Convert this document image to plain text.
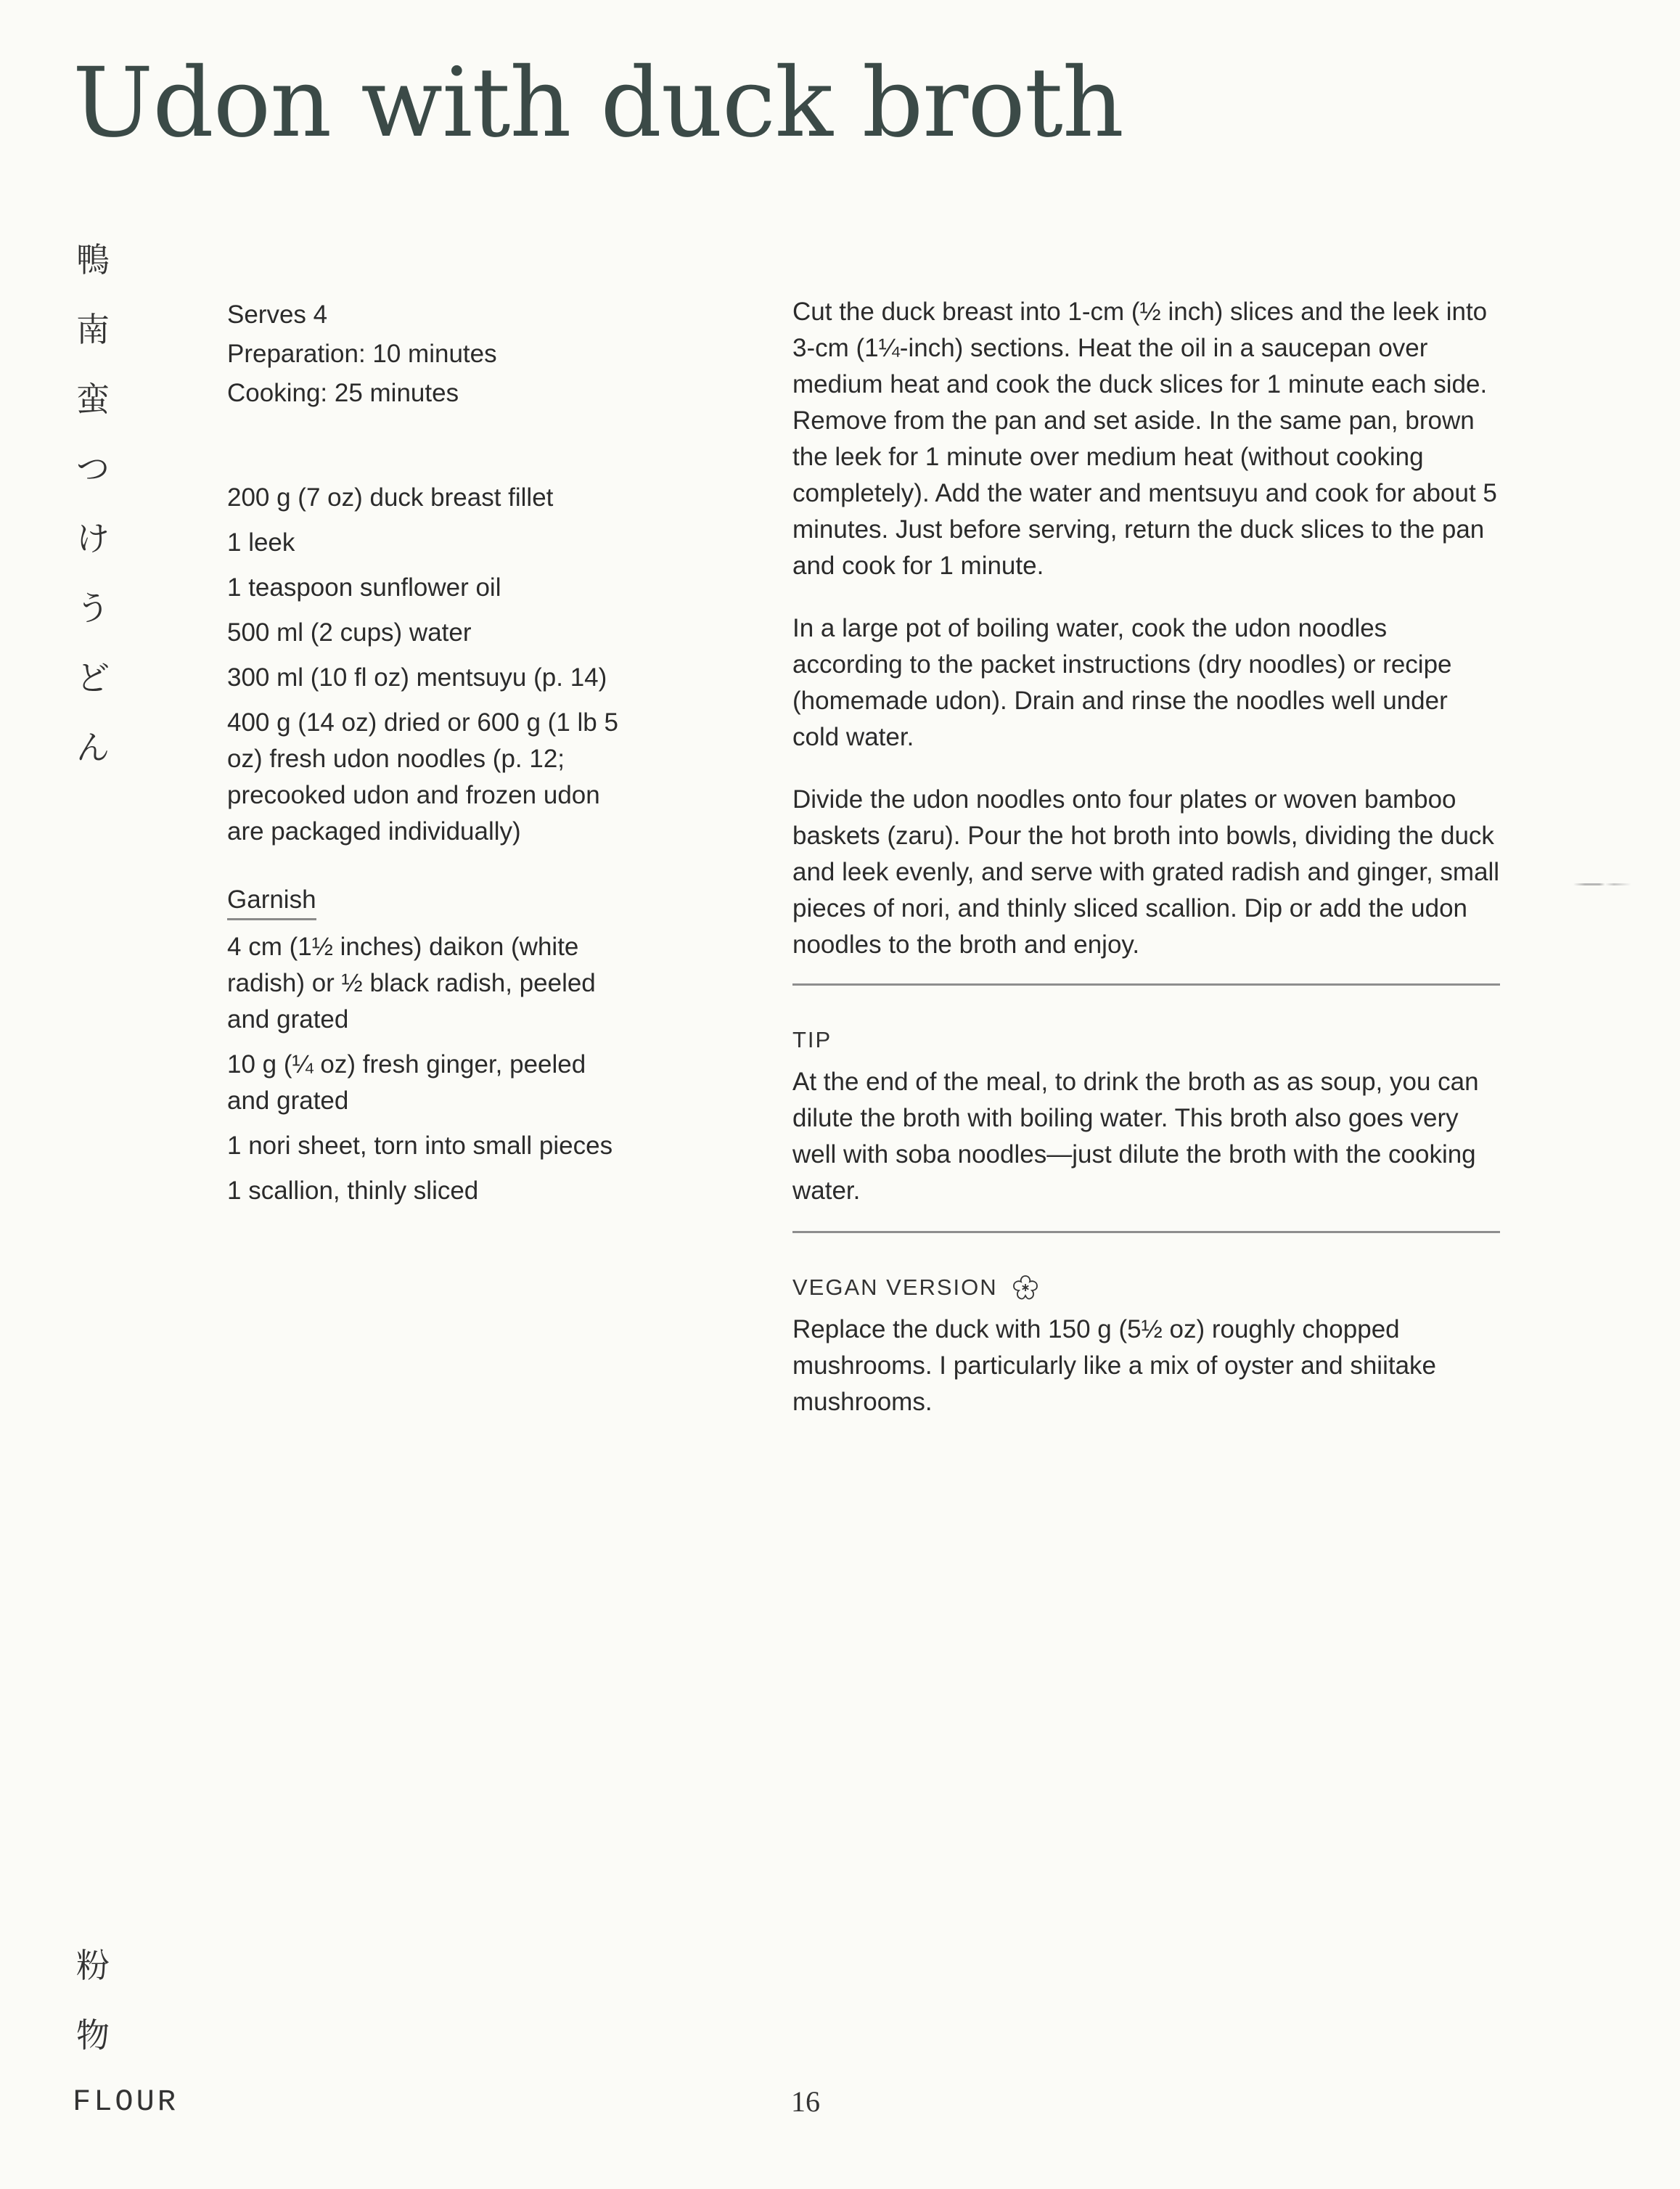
Udon with duck broth
鴨
南
蛮
つ
け
う
ど
ん
Serves 4
Preparation: 10 minutes
Cooking: 25 minutes
200 g (7 oz) duck breast fillet
1 leek
1 teaspoon sunflower oil
500 ml (2 cups) water
300 ml (10 fl oz) mentsuyu (p. 14)
400 g (14 oz) dried or 600 g (1 lb 5 oz) fresh udon noodles (p. 12; precooked udon and frozen udon are packaged individually)
Garnish
4 cm (1½ inches) daikon (white radish) or ½ black radish, peeled and grated
10 g (¼ oz) fresh ginger, peeled and grated
1 nori sheet, torn into small pieces
1 scallion, thinly sliced

Cut the duck breast into 1-cm (½ inch) slices and the leek into 3-cm (1¼-inch) sections. Heat the oil in a saucepan over medium heat and cook the duck slices for 1 minute each side. Remove from the pan and set aside. In the same pan, brown the leek for 1 minute over medium heat (without cooking completely). Add the water and mentsuyu and cook for about 5 minutes. Just before serving, return the duck slices to the pan and cook for 1 minute.

In a large pot of boiling water, cook the udon noodles according to the packet instructions (dry noodles) or recipe (homemade udon). Drain and rinse the noodles well under cold water.

Divide the udon noodles onto four plates or woven bamboo baskets (zaru). Pour the hot broth into bowls, dividing the duck and leek evenly, and serve with grated radish and ginger, small pieces of nori, and thinly sliced scallion. Dip or add the udon noodles to the broth and enjoy.

TIP

At the end of the meal, to drink the broth as as soup, you can dilute the broth with boiling water. This broth also goes very well with soba noodles—just dilute the broth with the cooking water.

VEGAN VERSION

Replace the duck with 150 g (5½ oz) roughly chopped mushrooms. I particularly like a mix of oyster and shiitake mushrooms.

粉
物
FLOUR	16
